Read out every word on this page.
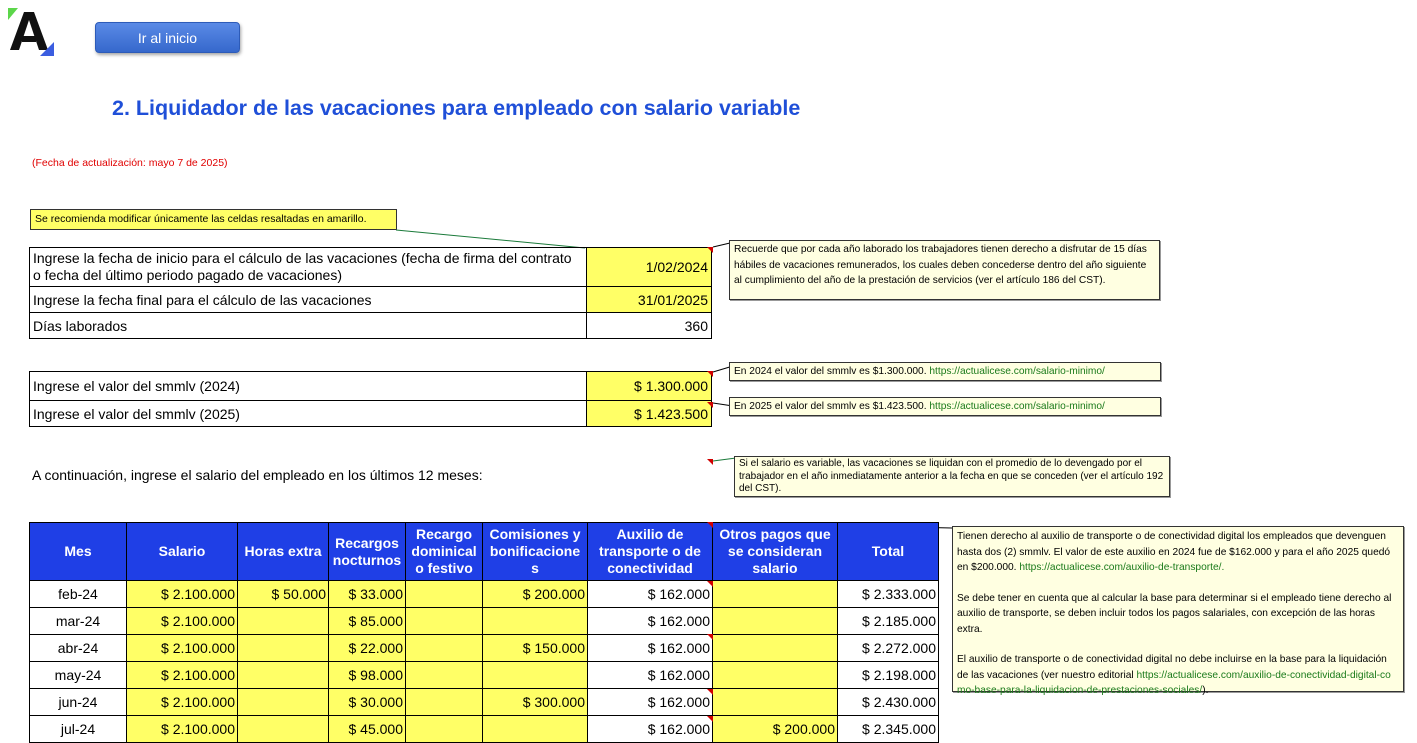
Ir al inicio
2. Liquidador de las vacaciones para empleado con salario variable
(Fecha de actualización: mayo 7 de 2025)
Se recomienda modificar únicamente las celdas resaltadas en amarillo.
Ingrese la fecha de inicio para el cálculo de las vacaciones (fecha de firma del contrato o fecha del último periodo pagado de vacaciones)	1/02/2024
Ingrese la fecha final para el cálculo de las vacaciones	31/01/2025
Días laborados	360
Ingrese el valor del smmlv (2024)	$ 1.300.000
Ingrese el valor del smmlv (2025)	$ 1.423.500
Recuerde que por cada año laborado los trabajadores tienen derecho a disfrutar de 15 días hábiles de vacaciones remunerados, los cuales deben concederse dentro del año siguiente al cumplimiento del año de la prestación de servicios (ver el artículo 186 del CST).
En 2024 el valor del smmlv es $1.300.000. https://actualicese.com/salario-minimo/
En 2025 el valor del smmlv es $1.423.500. https://actualicese.com/salario-minimo/
Si el salario es variable, las vacaciones se liquidan con el promedio de lo devengado por el trabajador en el año inmediatamente anterior a la fecha en que se conceden (ver el artículo 192 del CST).
Tienen derecho al auxilio de transporte o de conectividad digital los empleados que devenguen hasta dos (2) smmlv. El valor de este auxilio en 2024 fue de $162.000 y para el año 2025 quedó en $200.000. https://actualicese.com/auxilio-de-transporte/.
Se debe tener en cuenta que al calcular la base para determinar si el empleado tiene derecho al auxilio de transporte, se deben incluir todos los pagos salariales, con excepción de las horas extra.
El auxilio de transporte o de conectividad digital no debe incluirse en la base para la liquidación de las vacaciones (ver nuestro editorial https://actualicese.com/auxilio-de-conectividad-digital-como-base-para-la-liquidacion-de-prestaciones-sociales/).
A continuación, ingrese el salario del empleado en los últimos 12 meses:
Mes	Salario	Horas extra	Recargos nocturnos	Recargo dominical o festivo	Comisiones y bonificacione s	Auxilio de transporte o de conectividad	Otros pagos que se consideran salario	Total
feb-24	$ 2.100.000	$ 50.000	$ 33.000		$ 200.000	$ 162.000		$ 2.333.000
mar-24	$ 2.100.000		$ 85.000			$ 162.000		$ 2.185.000
abr-24	$ 2.100.000		$ 22.000		$ 150.000	$ 162.000		$ 2.272.000
may-24	$ 2.100.000		$ 98.000			$ 162.000		$ 2.198.000
jun-24	$ 2.100.000		$ 30.000		$ 300.000	$ 162.000		$ 2.430.000
jul-24	$ 2.100.000		$ 45.000			$ 162.000	$ 200.000	$ 2.345.000
